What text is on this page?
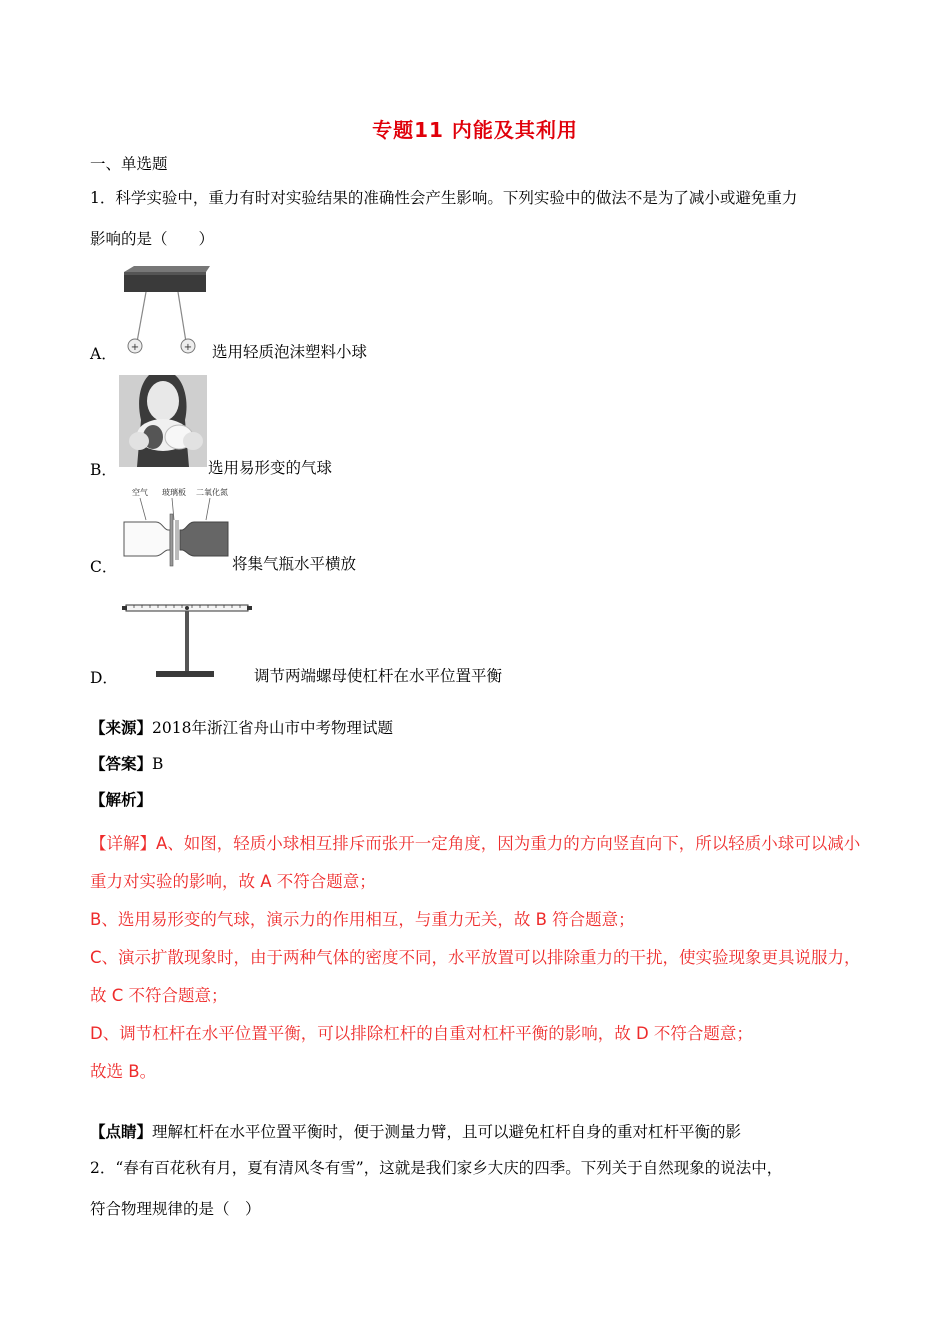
专题11 内能及其利用
一、单选题
1．科学实验中，重力有时对实验结果的准确性会产生影响。下列实验中的做法不是为了减小或避免重力
影响的是（　　）
+	+
A．	选用轻质泡沫塑料小球
B．	选用易形变的气球
空气 玻璃板 二氧化氮
C．	将集气瓶水平横放
D．	调节两端螺母使杠杆在水平位置平衡
【来源】2018年浙江省舟山市中考物理试题
【答案】B
【解析】
【详解】A、如图，轻质小球相互排斥而张开一定角度，因为重力的方向竖直向下，所以轻质小球可以减小
重力对实验的影响，故 A 不符合题意；
B、选用易形变的气球，演示力的作用相互，与重力无关，故 B 符合题意；
C、演示扩散现象时，由于两种气体的密度不同，水平放置可以排除重力的干扰，使实验现象更具说服力，
故 C 不符合题意；
D、调节杠杆在水平位置平衡，可以排除杠杆的自重对杠杆平衡的影响，故 D 不符合题意；
故选 B。
【点睛】理解杠杆在水平位置平衡时，便于测量力臂，且可以避免杠杆自身的重对杠杆平衡的影
2．“春有百花秋有月，夏有清风冬有雪”，这就是我们家乡大庆的四季。下列关于自然现象的说法中，
符合物理规律的是（　）
